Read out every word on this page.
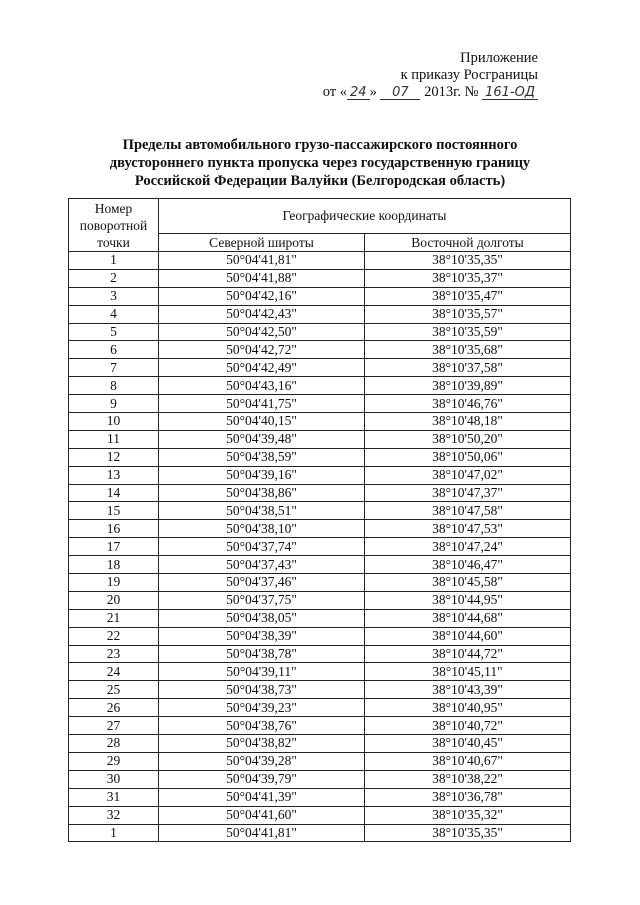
Приложение
к приказу Росграницы
от « 24 » 07 2013г. № 161-ОД
Пределы автомобильного грузо-пассажирского постоянного
двустороннего пункта пропуска через государственную границу
Российской Федерации Валуйки (Белгородская область)
Номер поворотной точки	Географические координаты	
	Северной широты	Восточной долготы
1	50°04'41,81"	38°10'35,35"
2	50°04'41,88"	38°10'35,37"
3	50°04'42,16"	38°10'35,47"
4	50°04'42,43"	38°10'35,57"
5	50°04'42,50"	38°10'35,59"
6	50°04'42,72"	38°10'35,68"
7	50°04'42,49"	38°10'37,58"
8	50°04'43,16"	38°10'39,89"
9	50°04'41,75"	38°10'46,76"
10	50°04'40,15"	38°10'48,18"
11	50°04'39,48"	38°10'50,20"
12	50°04'38,59"	38°10'50,06"
13	50°04'39,16"	38°10'47,02"
14	50°04'38,86"	38°10'47,37"
15	50°04'38,51"	38°10'47,58"
16	50°04'38,10"	38°10'47,53"
17	50°04'37,74"	38°10'47,24"
18	50°04'37,43"	38°10'46,47"
19	50°04'37,46"	38°10'45,58"
20	50°04'37,75"	38°10'44,95"
21	50°04'38,05"	38°10'44,68"
22	50°04'38,39"	38°10'44,60"
23	50°04'38,78"	38°10'44,72"
24	50°04'39,11"	38°10'45,11"
25	50°04'38,73"	38°10'43,39"
26	50°04'39,23"	38°10'40,95"
27	50°04'38,76"	38°10'40,72"
28	50°04'38,82"	38°10'40,45"
29	50°04'39,28"	38°10'40,67"
30	50°04'39,79"	38°10'38,22"
31	50°04'41,39"	38°10'36,78"
32	50°04'41,60"	38°10'35,32"
1	50°04'41,81"	38°10'35,35"
